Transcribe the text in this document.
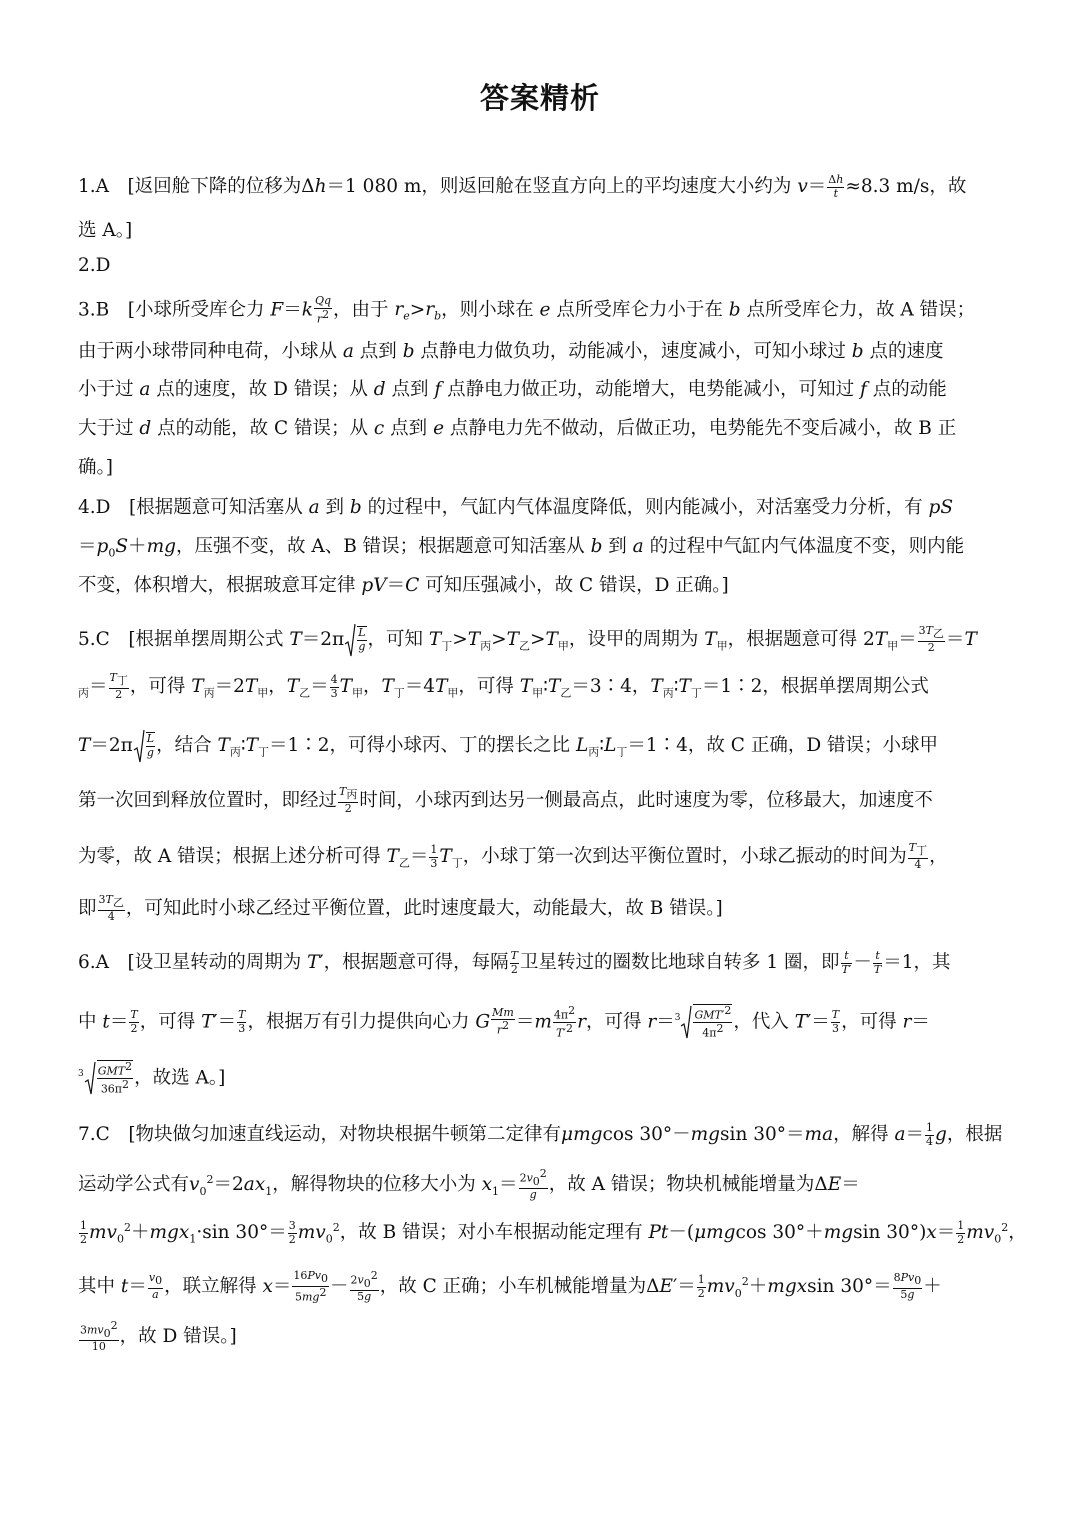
答案精析
1.A　[返回舱下降的位移为Δh＝1 080 m，则返回舱在竖直方向上的平均速度大小约为 $v= \frac{\Delta h}{t} \approx 8.3$ m/s，故
选 A。]
2.D
3.B　[小球所受库仑力 $F=k \frac{Qq}{r^2}$ ，由于 $r_e>r_b$，则小球在 e 点所受库仑力小于在 b 点所受库仑力，故 A 错误；
由于两小球带同种电荷，小球从 a 点到 b 点静电力做负功，动能减小，速度减小，可知小球过 b 点的速度
小于过 a 点的速度，故 D 错误；从 d 点到 f 点静电力做正功，动能增大，电势能减小，可知过 f 点的动能
大于过 d 点的动能，故 C 错误；从 c 点到 e 点静电力先不做动，后做正功，电势能先不变后减小，故 B 正
确。]
4.D　[根据题意可知活塞从 a 到 b 的过程中，气缸内气体温度降低，则内能减小，对活塞受力分析，有 pS
$=p_0S+mg$，压强不变，故 A、B 错误；根据题意可知活塞从 b 到 a 的过程中气缸内气体温度不变，则内能
不变，体积增大，根据玻意耳定律 pV＝C 可知压强减小，故 C 错误，D 正确。]
5.C　[根据单摆周期公式 $T=2\pi \frac{L}{g}$ ，可知 $T_丁>T_丙>T_乙>T_甲$，设甲的周期为 $T_甲$，根据题意可得 $2T_甲= 3T_乙$
2 ＝T
$_丙= T_丁$
2 ，可得 $T_丙=2T_甲$，$T_乙= \frac{4}{3} T_甲$，$T_丁=4T_甲$，可得 $T_甲∶T_乙=3∶4$，$T_丙∶T_丁=1∶2$，根据单摆周期公式
$T=2\pi \frac{L}{g}$ ，结合 $T_丙∶T_丁=1∶2$，可得小球丙、丁的摆长之比 $L_丙∶L_丁=1∶4$，故 C 正确，D 错误；小球甲
第一次回到释放位置时，即经过 $T_丙$
2 时间，小球丙到达另一侧最高点，此时速度为零，位移最大，加速度不
为零，故 A 错误；根据上述分析可得 $T_乙= \frac{1}{3} T_丁$，小球丁第一次到达平衡位置时，小球乙振动的时间为 $T_丁$
4 ，
即 $3T_乙$
4 ，可知此时小球乙经过平衡位置，此时速度最大，动能最大，故 B 错误。]
6.A　[设卫星转动的周期为 T′，根据题意可得，每隔 $\frac{T}{2}$ 卫星转过的圈数比地球自转多 1 圈，即 $\frac{t}{T'} - \frac{t}{T} =1$，其
中 $t= \frac{T}{2}$ ，可得 $T'= \frac{T}{3}$ ，根据万有引力提供向心力 G $\frac{Mm}{r^2} =m \frac{4\pi^2}{T'^2}$ r，可得 r＝$^3$ $GMT'^2$
$4\pi^2$ ，代入 $T'= \frac{T}{3}$ ，可得 r＝
$^3$ GMT$^2$
$36\pi^2$ ，故选 A。]
7.C　[物块做匀加速直线运动，对物块根据牛顿第二定律有μmgcos 30°－mgsin 30°＝ma，解得 $a= \frac{1}{4}$ g，根据
运动学公式有$v_0^2=2ax_1$，解得物块的位移大小为 $x_1= \frac{2v_0^2}{g}$ ，故 A 错误；物块机械能增量为ΔE＝
$\frac{1}{2} mv_0^2+mgx_1\cdot\sin$ $30^\circ= \frac{3}{2} mv_0^2$，故 B 错误；对小车根据动能定理有 Pt－(μmgcos 30°＋mgsin $30^\circ)x= \frac{1}{2} mv_0^2$，
其中 $t= \frac{v_0}{a}$ ，联立解得 $x= \frac{16Pv_0}{5mg^2} - \frac{2v_0^2}{5g}$ ，故 C 正确；小车机械能增量为$\Delta E'= \frac{1}{2} mv_0^2+mgxsin$ $30^\circ= \frac{8Pv_0}{5g}$ ＋
$\frac{3mv_0^2}{10}$ ，故 D 错误。]
